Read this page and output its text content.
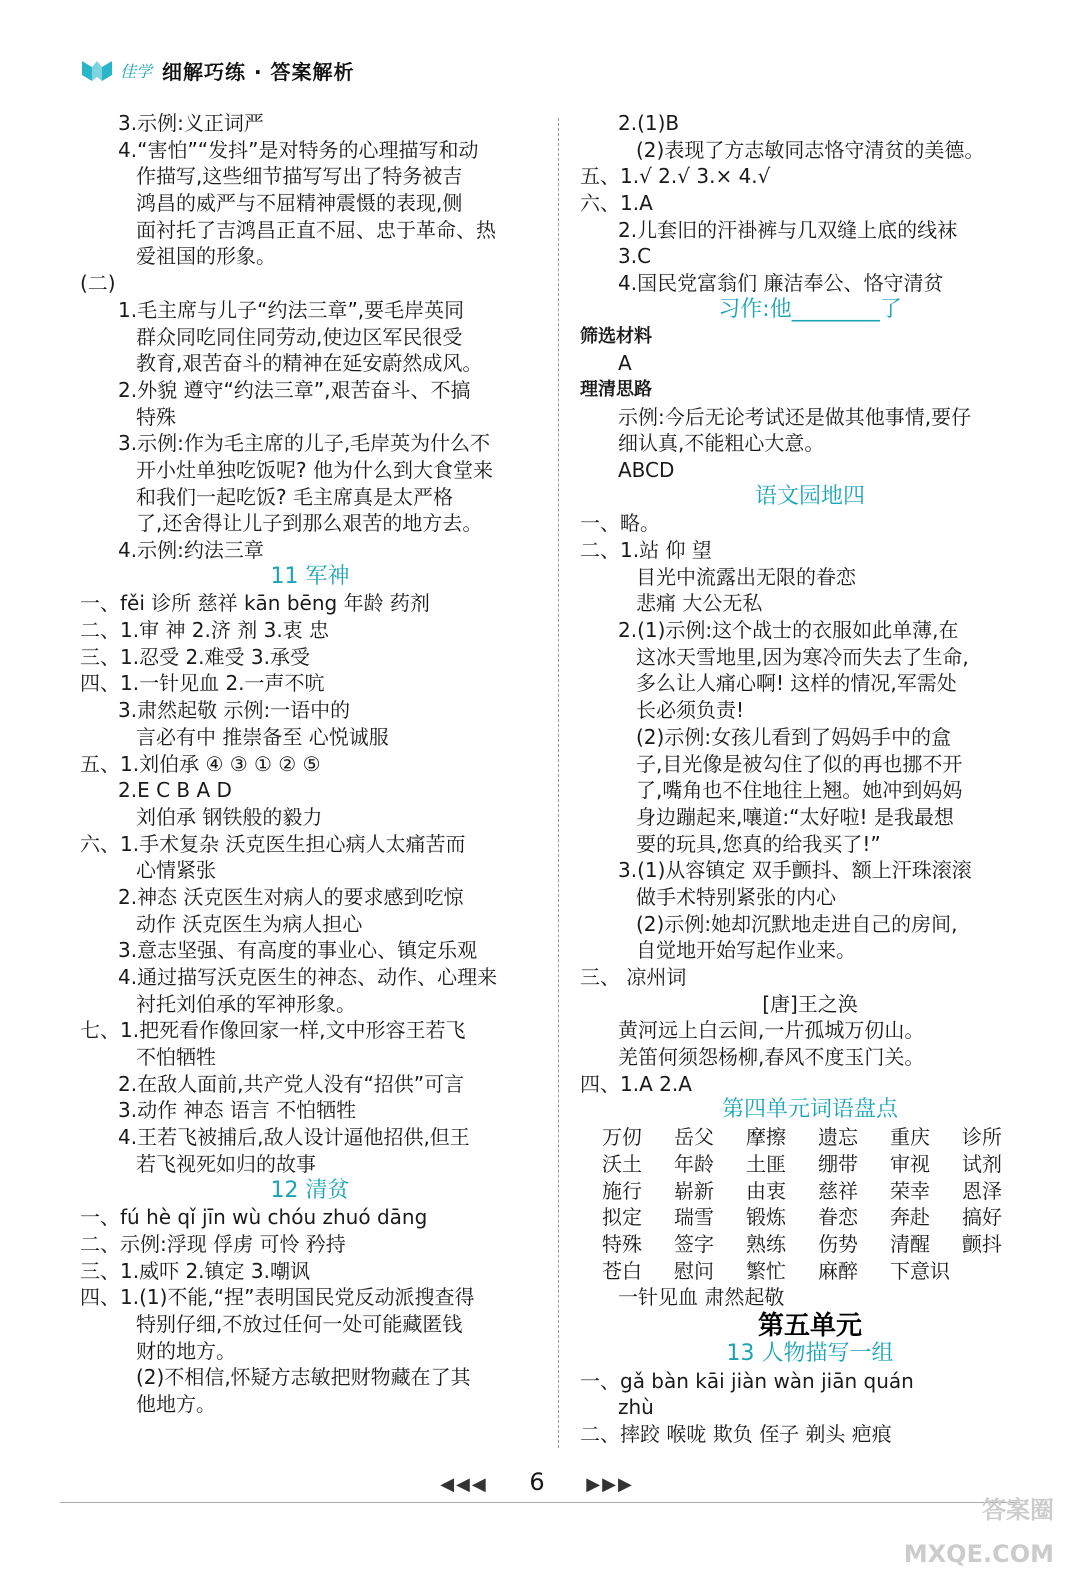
佳学 细解巧练 · 答案解析
3.示例:义正词严
4.“害怕”“发抖”是对特务的心理描写和动
作描写,这些细节描写写出了特务被吉
鸿昌的威严与不屈精神震慑的表现,侧
面衬托了吉鸿昌正直不屈、忠于革命、热
爱祖国的形象。
(二)
1.毛主席与儿子“约法三章”,要毛岸英同
群众同吃同住同劳动,使边区军民很受
教育,艰苦奋斗的精神在延安蔚然成风。
2.外貌 遵守“约法三章”,艰苦奋斗、不搞
特殊
3.示例:作为毛主席的儿子,毛岸英为什么不
开小灶单独吃饭呢? 他为什么到大食堂来
和我们一起吃饭? 毛主席真是太严格
了,还舍得让儿子到那么艰苦的地方去。
4.示例:约法三章
11 军神
一、fěi 诊所 慈祥 kān bēng 年龄 药剂
二、1.审 神 2.济 剂 3.衷 忠
三、1.忍受 2.难受 3.承受
四、1.一针见血 2.一声不吭
3.肃然起敬 示例:一语中的
言必有中 推崇备至 心悦诚服
五、1.刘伯承 ④ ③ ① ② ⑤
2.E C B A D
刘伯承 钢铁般的毅力
六、1.手术复杂 沃克医生担心病人太痛苦而
心情紧张
2.神态 沃克医生对病人的要求感到吃惊
动作 沃克医生为病人担心
3.意志坚强、有高度的事业心、镇定乐观
4.通过描写沃克医生的神态、动作、心理来
衬托刘伯承的军神形象。
七、1.把死看作像回家一样,文中形容王若飞
不怕牺牲
2.在敌人面前,共产党人没有“招供”可言
3.动作 神态 语言 不怕牺牲
4.王若飞被捕后,敌人设计逼他招供,但王
若飞视死如归的故事
12 清贫
一、fú hè qǐ jīn wù chóu zhuó dāng
二、示例:浮现 俘虏 可怜 矜持
三、1.威吓 2.镇定 3.嘲讽
四、1.(1)不能,“捏”表明国民党反动派搜查得
特别仔细,不放过任何一处可能藏匿钱
财的地方。
(2)不相信,怀疑方志敏把财物藏在了其
他地方。
2.(1)B
(2)表现了方志敏同志恪守清贫的美德。
五、1.√ 2.√ 3.× 4.√
六、1.A
2.儿套旧的汗褂裤与几双缝上底的线袜
3.C
4.国民党富翁们 廉洁奉公、恪守清贫
习作:他________了
筛选材料
A
理清思路
示例:今后无论考试还是做其他事情,要仔
细认真,不能粗心大意。
ABCD
语文园地四
一、略。
二、1.站 仰 望
目光中流露出无限的眷恋
悲痛 大公无私
2.(1)示例:这个战士的衣服如此单薄,在
这冰天雪地里,因为寒冷而失去了生命,
多么让人痛心啊! 这样的情况,军需处
长必须负责!
(2)示例:女孩儿看到了妈妈手中的盒
子,目光像是被勾住了似的再也挪不开
了,嘴角也不住地往上翘。她冲到妈妈
身边蹦起来,嚷道:“太好啦! 是我最想
要的玩具,您真的给我买了!”
3.(1)从容镇定 双手颤抖、额上汗珠滚滚
做手术特别紧张的内心
(2)示例:她却沉默地走进自己的房间,
自觉地开始写起作业来。
三、 凉州词
[唐]王之涣
黄河远上白云间,一片孤城万仞山。
羌笛何须怨杨柳,春风不度玉门关。
四、1.A 2.A
第四单元词语盘点
万仞	岳父	摩擦	遗忘	重庆	诊所
沃土	年龄	土匪	绷带	审视	试剂
施行	崭新	由衷	慈祥	荣幸	恩泽
拟定	瑞雪	锻炼	眷恋	奔赴	搞好
特殊	签字	熟练	伤势	清醒	颤抖
苍白	慰问	繁忙	麻醉	下意识
一针见血 肃然起敬
第五单元
13 人物描写一组
一、gǎ bàn kāi jiàn wàn jiān quán
zhù
二、摔跤 喉咙 欺负 侄子 剃头 疤痕
◀◀◀ 6 ▶▶▶
答案圈 MXQE.COM
